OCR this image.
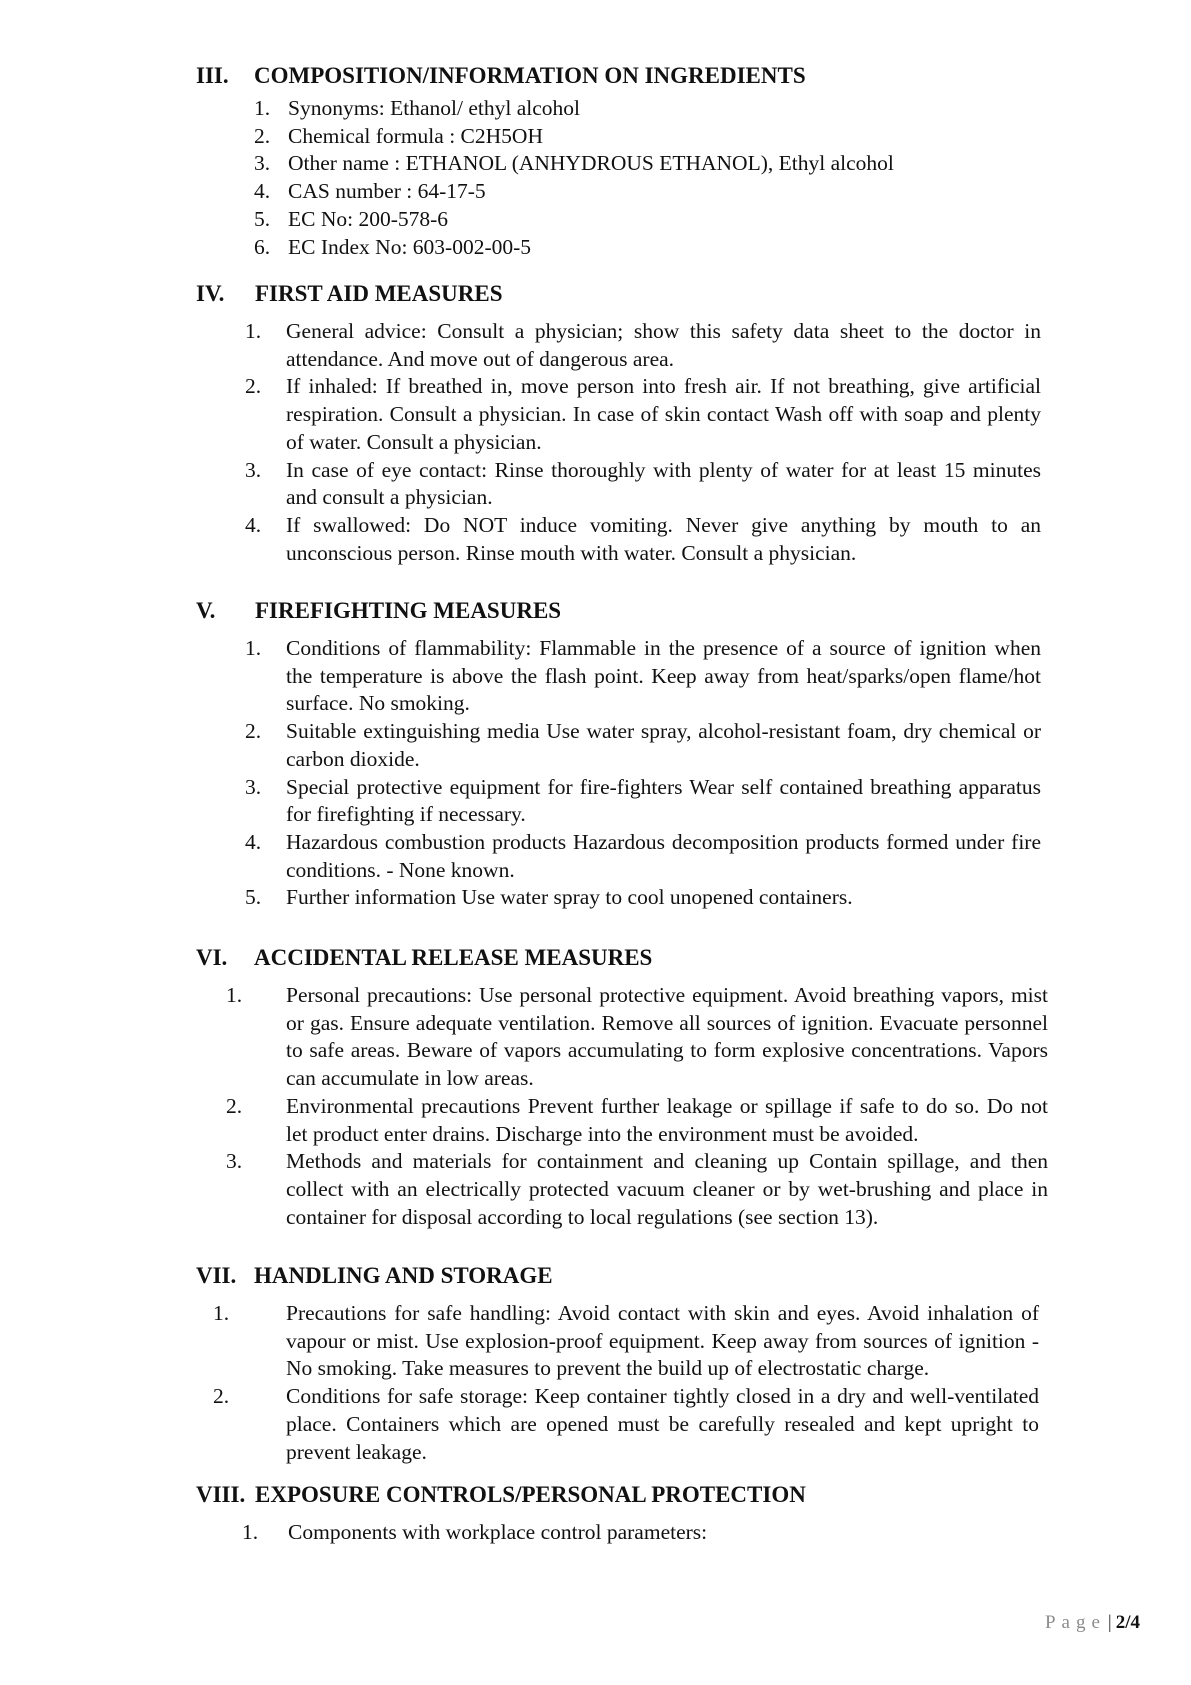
III. COMPOSITION/INFORMATION ON INGREDIENTS
1. Synonyms: Ethanol/ ethyl alcohol
2. Chemical formula : C2H5OH
3. Other name : ETHANOL (ANHYDROUS ETHANOL), Ethyl alcohol
4. CAS number : 64-17-5
5. EC No: 200-578-6
6. EC Index No: 603-002-00-5
IV. FIRST AID MEASURES
1. General advice: Consult a physician; show this safety data sheet to the doctor in attendance. And move out of dangerous area.
2. If inhaled: If breathed in, move person into fresh air. If not breathing, give artificial respiration. Consult a physician. In case of skin contact Wash off with soap and plenty of water. Consult a physician.
3. In case of eye contact: Rinse thoroughly with plenty of water for at least 15 minutes and consult a physician.
4. If swallowed: Do NOT induce vomiting. Never give anything by mouth to an unconscious person. Rinse mouth with water. Consult a physician.
V. FIREFIGHTING MEASURES
1. Conditions of flammability: Flammable in the presence of a source of ignition when the temperature is above the flash point. Keep away from heat/sparks/open flame/hot surface. No smoking.
2. Suitable extinguishing media Use water spray, alcohol-resistant foam, dry chemical or carbon dioxide.
3. Special protective equipment for fire-fighters Wear self contained breathing apparatus for firefighting if necessary.
4. Hazardous combustion products Hazardous decomposition products formed under fire conditions. - None known.
5. Further information Use water spray to cool unopened containers.
VI. ACCIDENTAL RELEASE MEASURES
1. Personal precautions: Use personal protective equipment. Avoid breathing vapors, mist or gas. Ensure adequate ventilation. Remove all sources of ignition. Evacuate personnel to safe areas. Beware of vapors accumulating to form explosive concentrations. Vapors can accumulate in low areas.
2. Environmental precautions Prevent further leakage or spillage if safe to do so. Do not let product enter drains. Discharge into the environment must be avoided.
3. Methods and materials for containment and cleaning up Contain spillage, and then collect with an electrically protected vacuum cleaner or by wet-brushing and place in container for disposal according to local regulations (see section 13).
VII. HANDLING AND STORAGE
1.	Precautions for safe handling: Avoid contact with skin and eyes. Avoid inhalation of vapour or mist. Use explosion-proof equipment. Keep away from sources of ignition - No smoking. Take measures to prevent the build up of electrostatic charge.
2.	Conditions for safe storage: Keep container tightly closed in a dry and well-ventilated place. Containers which are opened must be carefully resealed and kept upright to prevent leakage.
VIII. EXPOSURE CONTROLS/PERSONAL PROTECTION
1. Components with workplace control parameters:
Page | 2/4
